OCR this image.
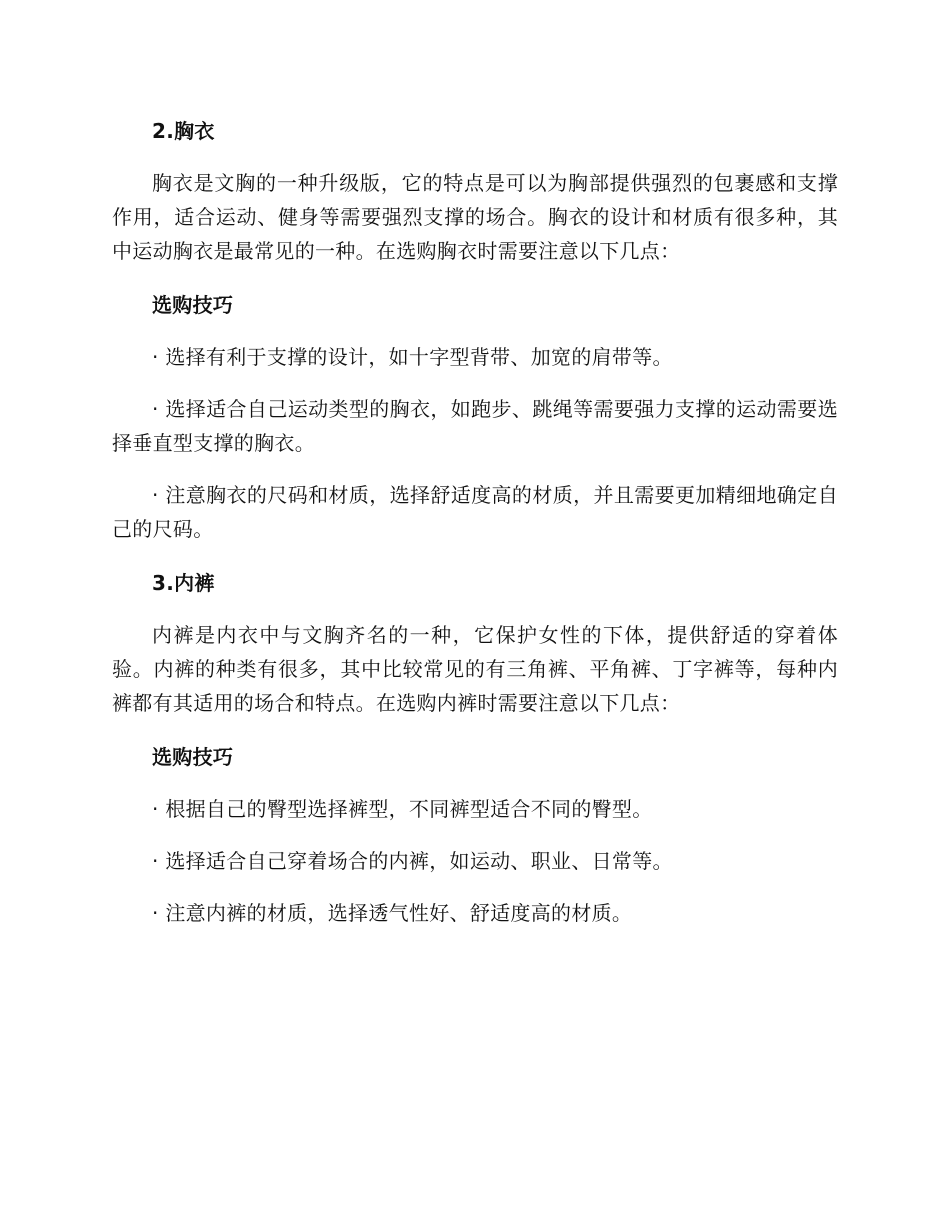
2.胸衣

胸衣是文胸的一种升级版，它的特点是可以为胸部提供强烈的包裹感和支撑作用，适合运动、健身等需要强烈支撑的场合。胸衣的设计和材质有很多种，其中运动胸衣是最常见的一种。在选购胸衣时需要注意以下几点：

选购技巧

· 选择有利于支撑的设计，如十字型背带、加宽的肩带等。

· 选择适合自己运动类型的胸衣，如跑步、跳绳等需要强力支撑的运动需要选择垂直型支撑的胸衣。

· 注意胸衣的尺码和材质，选择舒适度高的材质，并且需要更加精细地确定自己的尺码。

3.内裤

内裤是内衣中与文胸齐名的一种，它保护女性的下体，提供舒适的穿着体验。内裤的种类有很多，其中比较常见的有三角裤、平角裤、丁字裤等，每种内裤都有其适用的场合和特点。在选购内裤时需要注意以下几点：

选购技巧

· 根据自己的臀型选择裤型，不同裤型适合不同的臀型。

· 选择适合自己穿着场合的内裤，如运动、职业、日常等。

· 注意内裤的材质，选择透气性好、舒适度高的材质。
